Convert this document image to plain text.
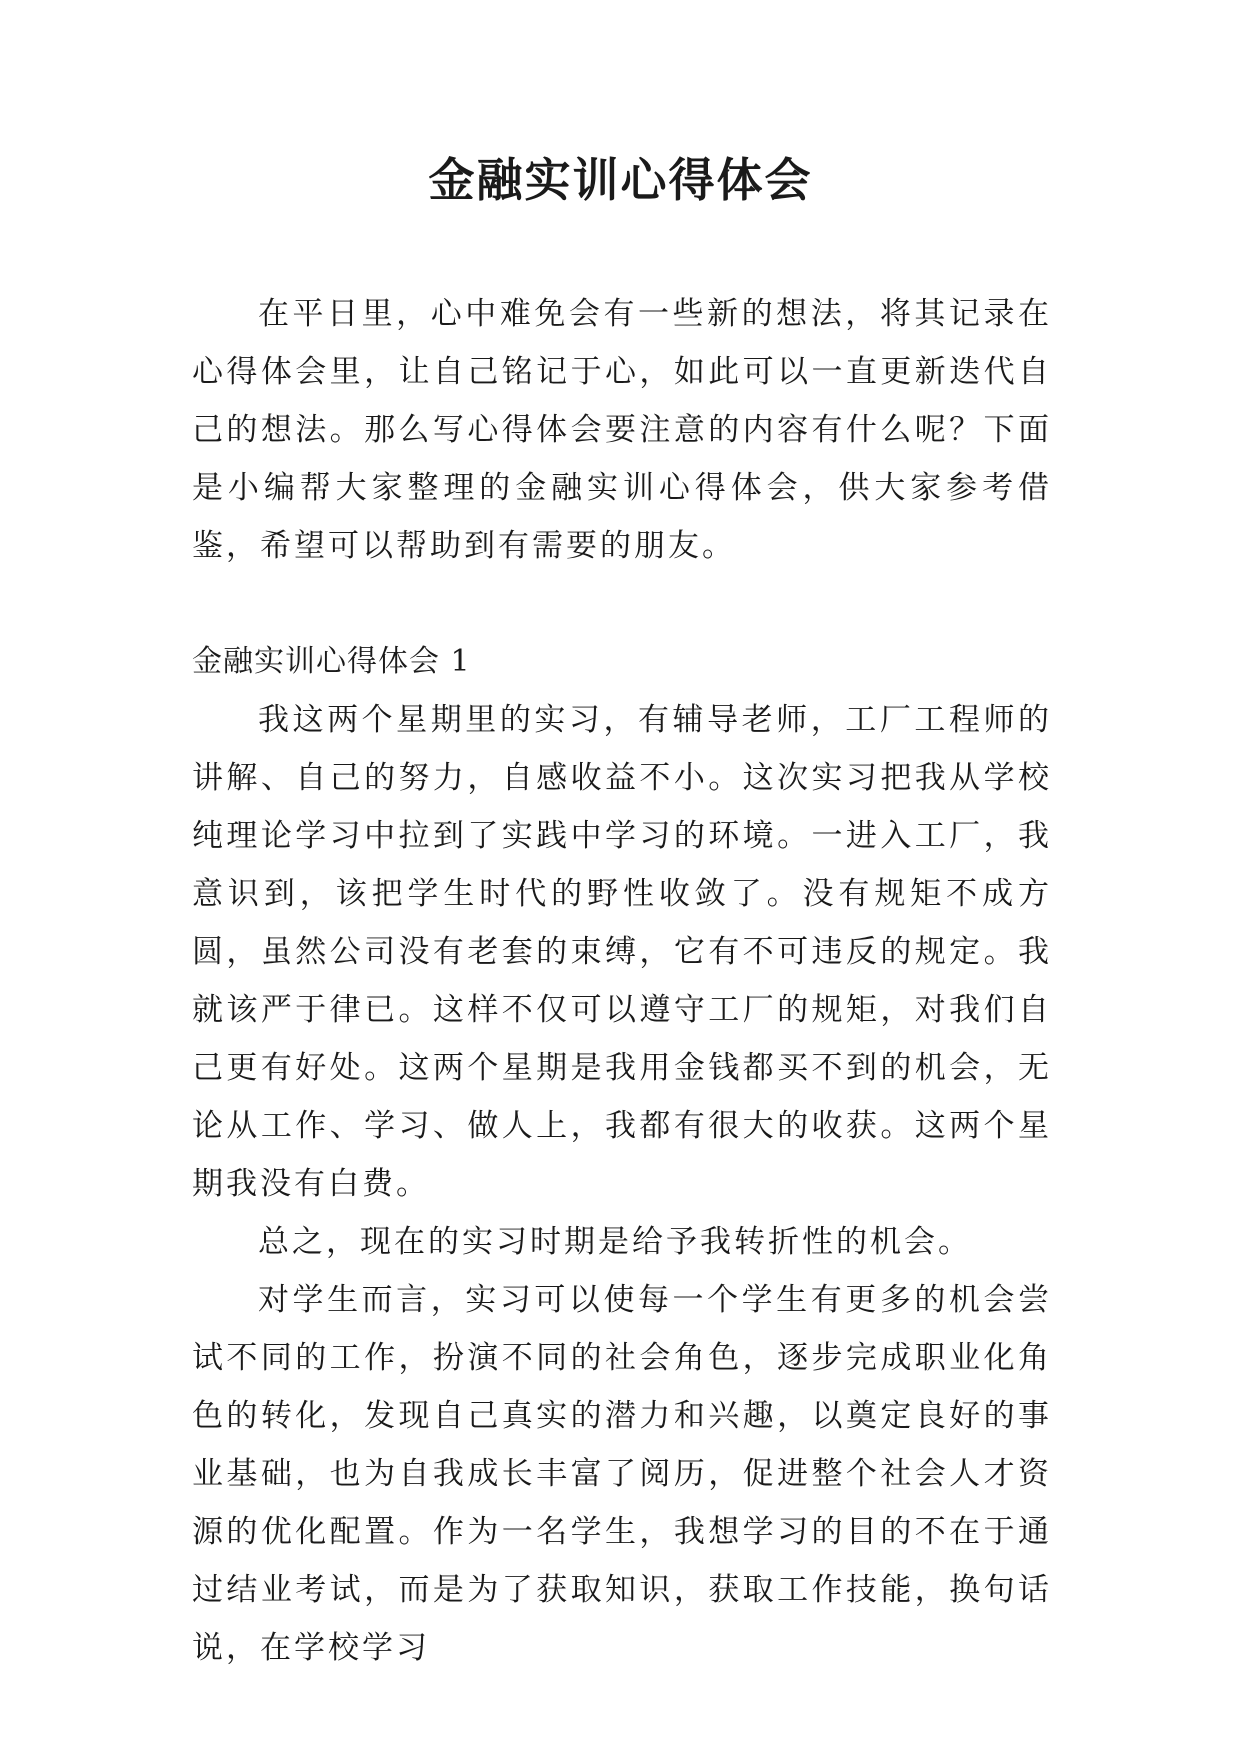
金融实训心得体会

在平日里，心中难免会有一些新的想法，将其记录在心得体会里，让自己铭记于心，如此可以一直更新迭代自己的想法。那么写心得体会要注意的内容有什么呢？下面是小编帮大家整理的金融实训心得体会，供大家参考借鉴，希望可以帮助到有需要的朋友。

金融实训心得体会 1

我这两个星期里的实习，有辅导老师，工厂工程师的讲解、自己的努力，自感收益不小。这次实习把我从学校纯理论学习中拉到了实践中学习的环境。一进入工厂，我意识到，该把学生时代的野性收敛了。没有规矩不成方圆，虽然公司没有老套的束缚，它有不可违反的规定。我就该严于律已。这样不仅可以遵守工厂的规矩，对我们自己更有好处。这两个星期是我用金钱都买不到的机会，无论从工作、学习、做人上，我都有很大的收获。这两个星期我没有白费。

总之，现在的实习时期是给予我转折性的机会。

对学生而言，实习可以使每一个学生有更多的机会尝试不同的工作，扮演不同的社会角色，逐步完成职业化角色的转化，发现自己真实的潜力和兴趣，以奠定良好的事业基础，也为自我成长丰富了阅历，促进整个社会人才资源的优化配置。作为一名学生，我想学习的目的不在于通过结业考试，而是为了获取知识，获取工作技能，换句话说，在学校学习
